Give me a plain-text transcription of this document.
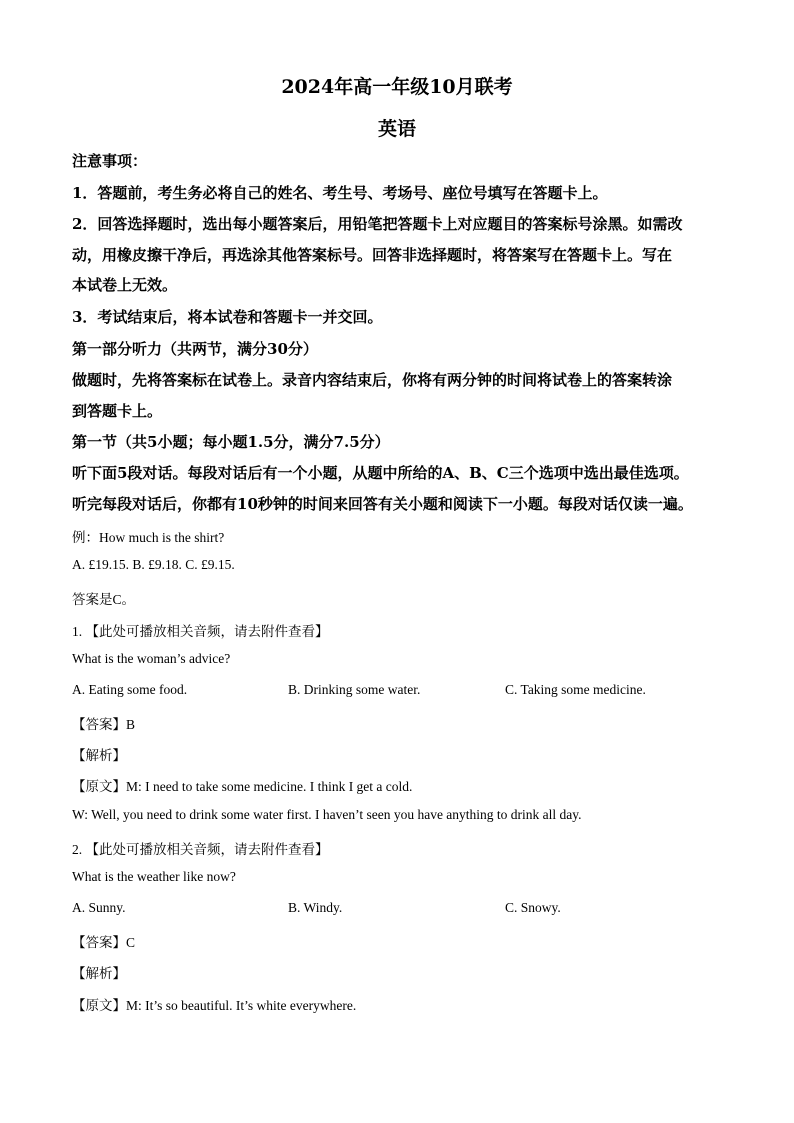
2024年高一年级10月联考
英语
注意事项：
1．答题前，考生务必将自己的姓名、考生号、考场号、座位号填写在答题卡上。
2．回答选择题时，选出每小题答案后，用铅笔把答题卡上对应题目的答案标号涂黑。如需改
动，用橡皮擦干净后，再选涂其他答案标号。回答非选择题时，将答案写在答题卡上。写在
本试卷上无效。
3．考试结束后，将本试卷和答题卡一并交回。
第一部分听力（共两节，满分30分）
做题时，先将答案标在试卷上。录音内容结束后，你将有两分钟的时间将试卷上的答案转涂
到答题卡上。
第一节（共5小题；每小题1.5分，满分7.5分）
听下面5段对话。每段对话后有一个小题，从题中所给的A、B、C三个选项中选出最佳选项。
听完每段对话后，你都有10秒钟的时间来回答有关小题和阅读下一小题。每段对话仅读一遍。
例：How much is the shirt?
A. £19.15. B. £9.18. C. £9.15.
答案是C。
1. 【此处可播放相关音频，请去附件查看】
What is the woman’s advice?
A. Eating some food.	B. Drinking some water.	C. Taking some medicine.
【答案】B
【解析】
【原文】M: I need to take some medicine. I think I get a cold.
W: Well, you need to drink some water first. I haven’t seen you have anything to drink all day.
2. 【此处可播放相关音频，请去附件查看】
What is the weather like now?
A. Sunny.	B. Windy.	C. Snowy.
【答案】C
【解析】
【原文】M: It’s so beautiful. It’s white everywhere.
